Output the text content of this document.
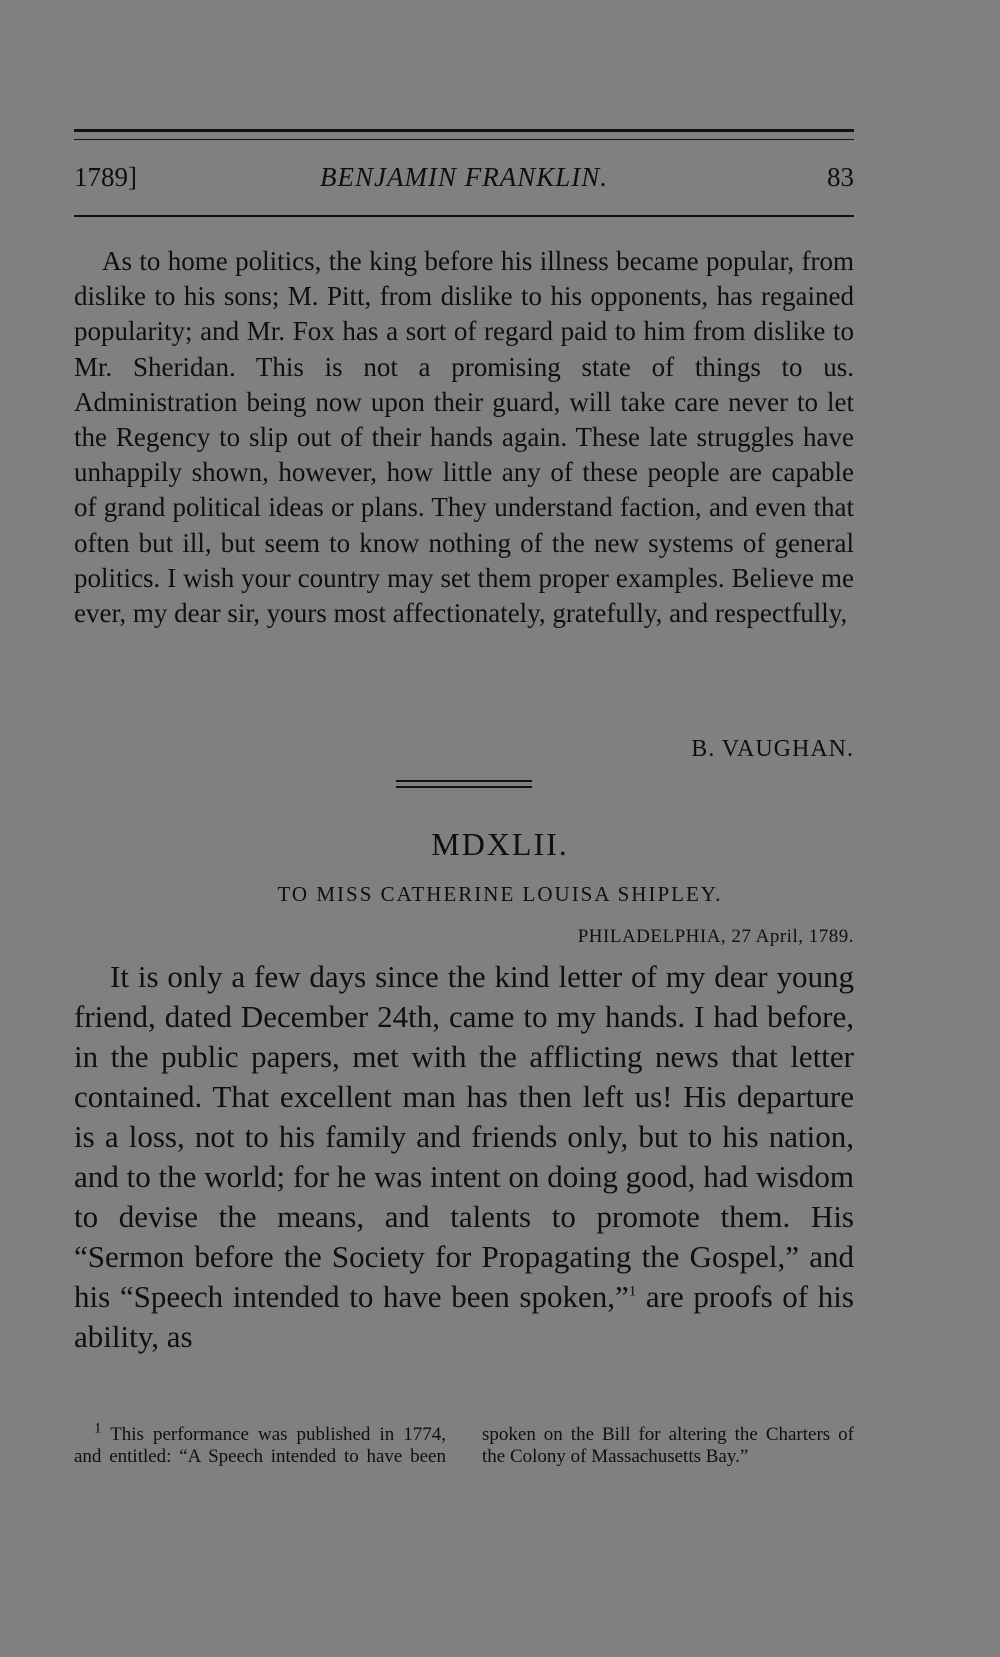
1789]	BENJAMIN FRANKLIN.	83

As to home politics, the king before his illness became popular, from dislike to his sons; M. Pitt, from dislike to his opponents, has regained popularity; and Mr. Fox has a sort of regard paid to him from dislike to Mr. Sheridan. This is not a promising state of things to us. Administration being now upon their guard, will take care never to let the Regency to slip out of their hands again. These late struggles have unhappily shown, however, how little any of these people are capable of grand political ideas or plans. They understand faction, and even that often but ill, but seem to know nothing of the new systems of general politics. I wish your country may set them proper examples. Believe me ever, my dear sir, yours most affectionately, gratefully, and respectfully,

B. VAUGHAN.
MDXLII.
TO MISS CATHERINE LOUISA SHIPLEY.
PHILADELPHIA, 27 April, 1789.

It is only a few days since the kind letter of my dear young friend, dated December 24th, came to my hands. I had before, in the public papers, met with the afflicting news that letter contained. That excellent man has then left us! His departure is a loss, not to his family and friends only, but to his nation, and to the world; for he was intent on doing good, had wisdom to devise the means, and talents to promote them. His “Sermon before the Society for Propagating the Gospel,” and his “Speech intended to have been spoken,”$^1$ are proofs of his ability, as

$^1$ This performance was published in 1774, and entitled: “A Speech intended to have been spoken on the Bill for altering the Charters of the Colony of Massachusetts Bay.”
